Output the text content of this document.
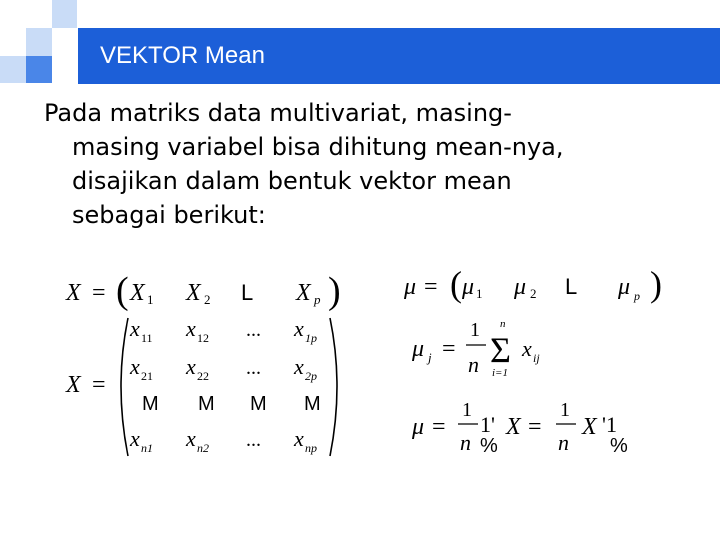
VEKTOR Mean
Pada matriks data multivariat, masing-
masing variabel bisa dihitung mean-nya,
disajikan dalam bentuk vektor mean
sebagai berikut:
X = ( X 1 X 2 L X p )
X =
x 11 x 12 ... x 1p
x 21 x 22 ... x 2p
M M M M
x n1 x n2 ... x np
μ = ( μ 1 μ 2 L μ p )
μ j =
1
n
n
Σ
i=1
x ij
μ =
1
n
1'
%
X =
1
n
X '1
%
